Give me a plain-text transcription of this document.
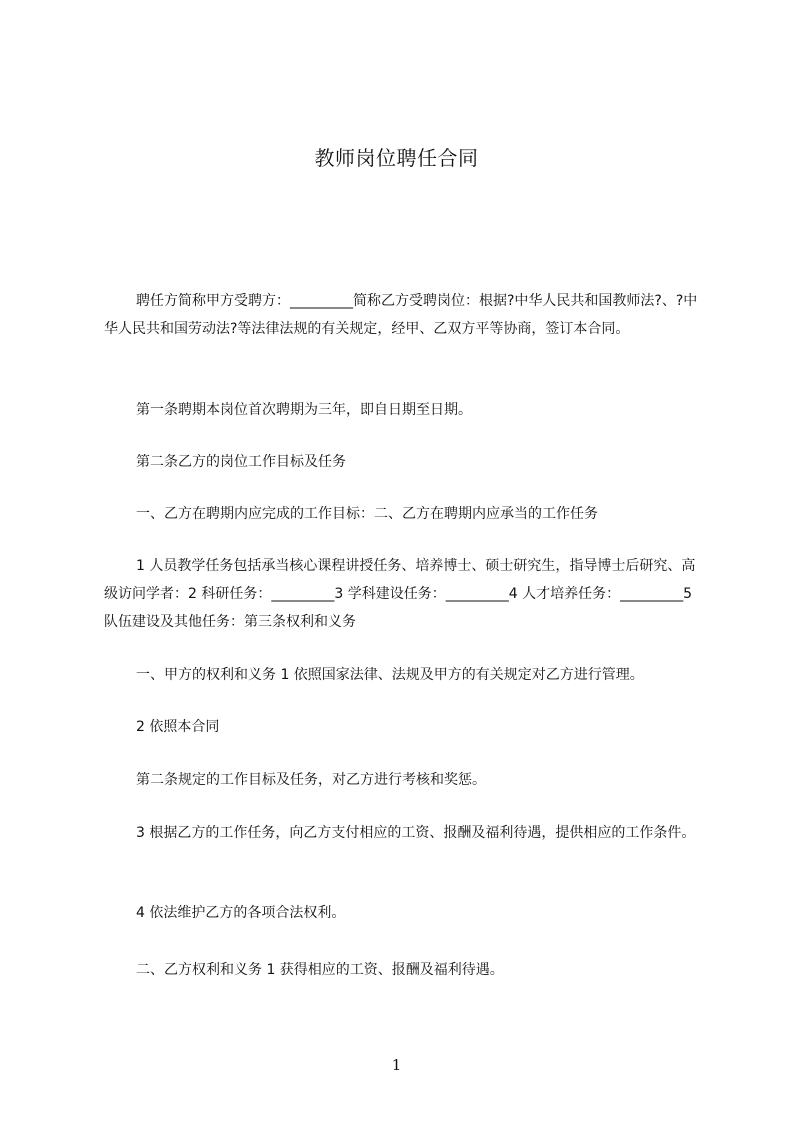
教师岗位聘任合同

聘任方简称甲方受聘方：_________简称乙方受聘岗位：根据?中华人民共和国教师法?、?中华人民共和国劳动法?等法律法规的有关规定，经甲、乙双方平等协商，签订本合同。

第一条聘期本岗位首次聘期为三年，即自日期至日期。

第二条乙方的岗位工作目标及任务

一、乙方在聘期内应完成的工作目标：二、乙方在聘期内应承当的工作任务

1 人员教学任务包括承当核心课程讲授任务、培养博士、硕士研究生，指导博士后研究、高级访问学者：2 科研任务：_________3 学科建设任务：_________4 人才培养任务：_________5 队伍建设及其他任务：第三条权利和义务

一、甲方的权利和义务 1 依照国家法律、法规及甲方的有关规定对乙方进行管理。

2 依照本合同

第二条规定的工作目标及任务，对乙方进行考核和奖惩。

3 根据乙方的工作任务，向乙方支付相应的工资、报酬及福利待遇，提供相应的工作条件。

4 依法维护乙方的各项合法权利。

二、乙方权利和义务 1 获得相应的工资、报酬及福利待遇。

1
